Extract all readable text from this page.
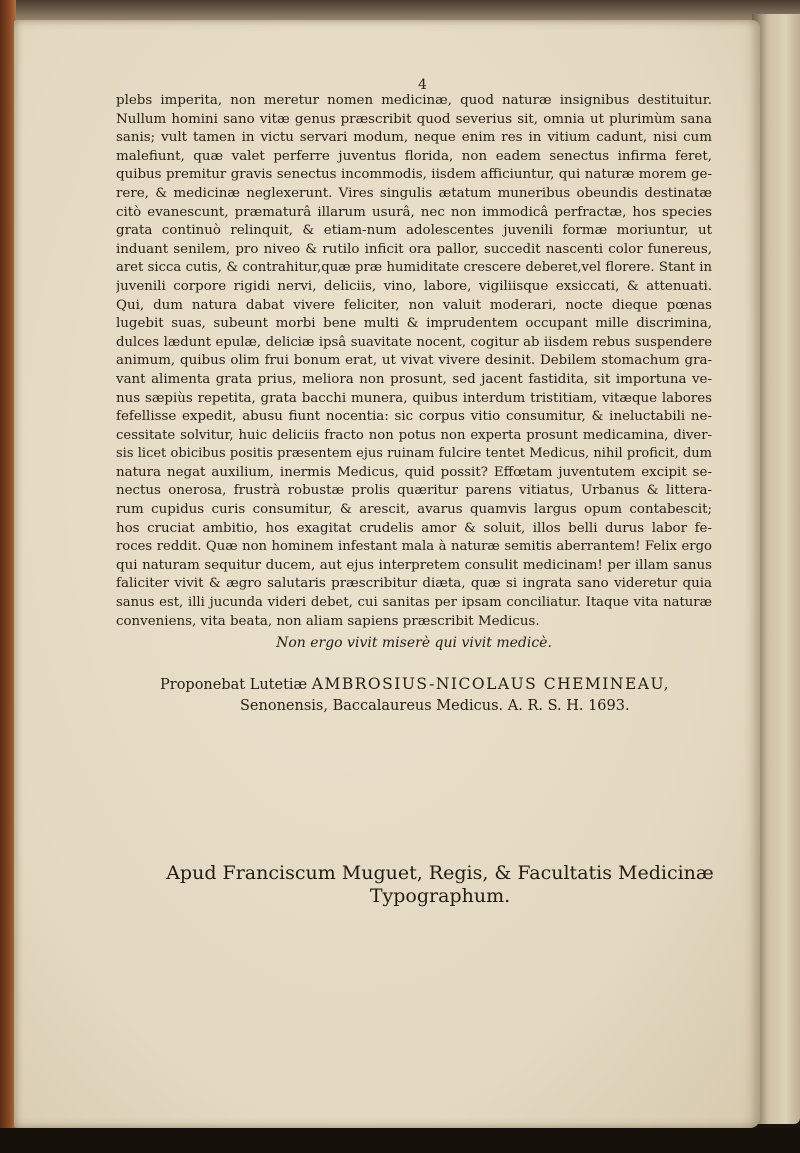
4
plebs imperita, non meretur nomen medicinæ, quod naturæ insignibus destituitur.
Nullum homini sano vitæ genus præscribit quod severius sit, omnia ut plurimùm sana
sanis; vult tamen in victu servari modum, neque enim res in vitium cadunt, nisi cum
malefiunt, quæ valet perferre juventus florida, non eadem senectus infirma feret,
quibus premitur gravis senectus incommodis, iisdem afficiuntur, qui naturæ morem ge-
rere, & medicinæ neglexerunt. Vires singulis ætatum muneribus obeundis destinatæ
citò evanescunt, præmaturâ illarum usurâ, nec non immodicâ perfractæ, hos species
grata continuò relinquit, & etiam-num adolescentes juvenili formæ moriuntur, ut
induant senilem, pro niveo & rutilo inficit ora pallor, succedit nascenti color funereus,
aret sicca cutis, & contrahitur,quæ præ humiditate crescere deberet,vel florere. Stant in
juvenili corpore rigidi nervi, deliciis, vino, labore, vigiliisque exsiccati, & attenuati.
Qui, dum natura dabat vivere feliciter, non valuit moderari, nocte dieque pœnas
lugebit suas, subeunt morbi bene multi & imprudentem occupant mille discrimina,
dulces lædunt epulæ, deliciæ ipsâ suavitate nocent, cogitur ab iisdem rebus suspendere
animum, quibus olim frui bonum erat, ut vivat vivere desinit. Debilem stomachum gra-
vant alimenta grata prius, meliora non prosunt, sed jacent fastidita, sit importuna ve-
nus sæpiùs repetita, grata bacchi munera, quibus interdum tristitiam, vitæque labores
fefellisse expedit, abusu fiunt nocentia: sic corpus vitio consumitur, & ineluctabili ne-
cessitate solvitur, huic deliciis fracto non potus non experta prosunt medicamina, diver-
sis licet obicibus positis præsentem ejus ruinam fulcire tentet Medicus, nihil proficit, dum
natura negat auxilium, inermis Medicus, quid possit? Effœtam juventutem excipit se-
nectus onerosa, frustrà robustæ prolis quæritur parens vitiatus, Urbanus & littera-
rum cupidus curis consumitur, & arescit, avarus quamvis largus opum contabescit;
hos cruciat ambitio, hos exagitat crudelis amor & soluit, illos belli durus labor fe-
roces reddit. Quæ non hominem infestant mala à naturæ semitis aberrantem! Felix ergo
qui naturam sequitur ducem, aut ejus interpretem consulit medicinam! per illam sanus
faliciter vivit & ægro salutaris præscribitur diæta, quæ si ingrata sano videretur quia
sanus est, illi jucunda videri debet, cui sanitas per ipsam conciliatur. Itaque vita naturæ
conveniens, vita beata, non aliam sapiens præscribit Medicus.
Non ergo vivit miserè qui vivit medicè.
Proponebat Lutetiæ AMBROSIUS-NICOLAUS CHEMINEAU,
Senonensis, Baccalaureus Medicus. A. R. S. H. 1693.
Apud Franciscum Muguet, Regis, & Facultatis Medicinæ
Typographum.
